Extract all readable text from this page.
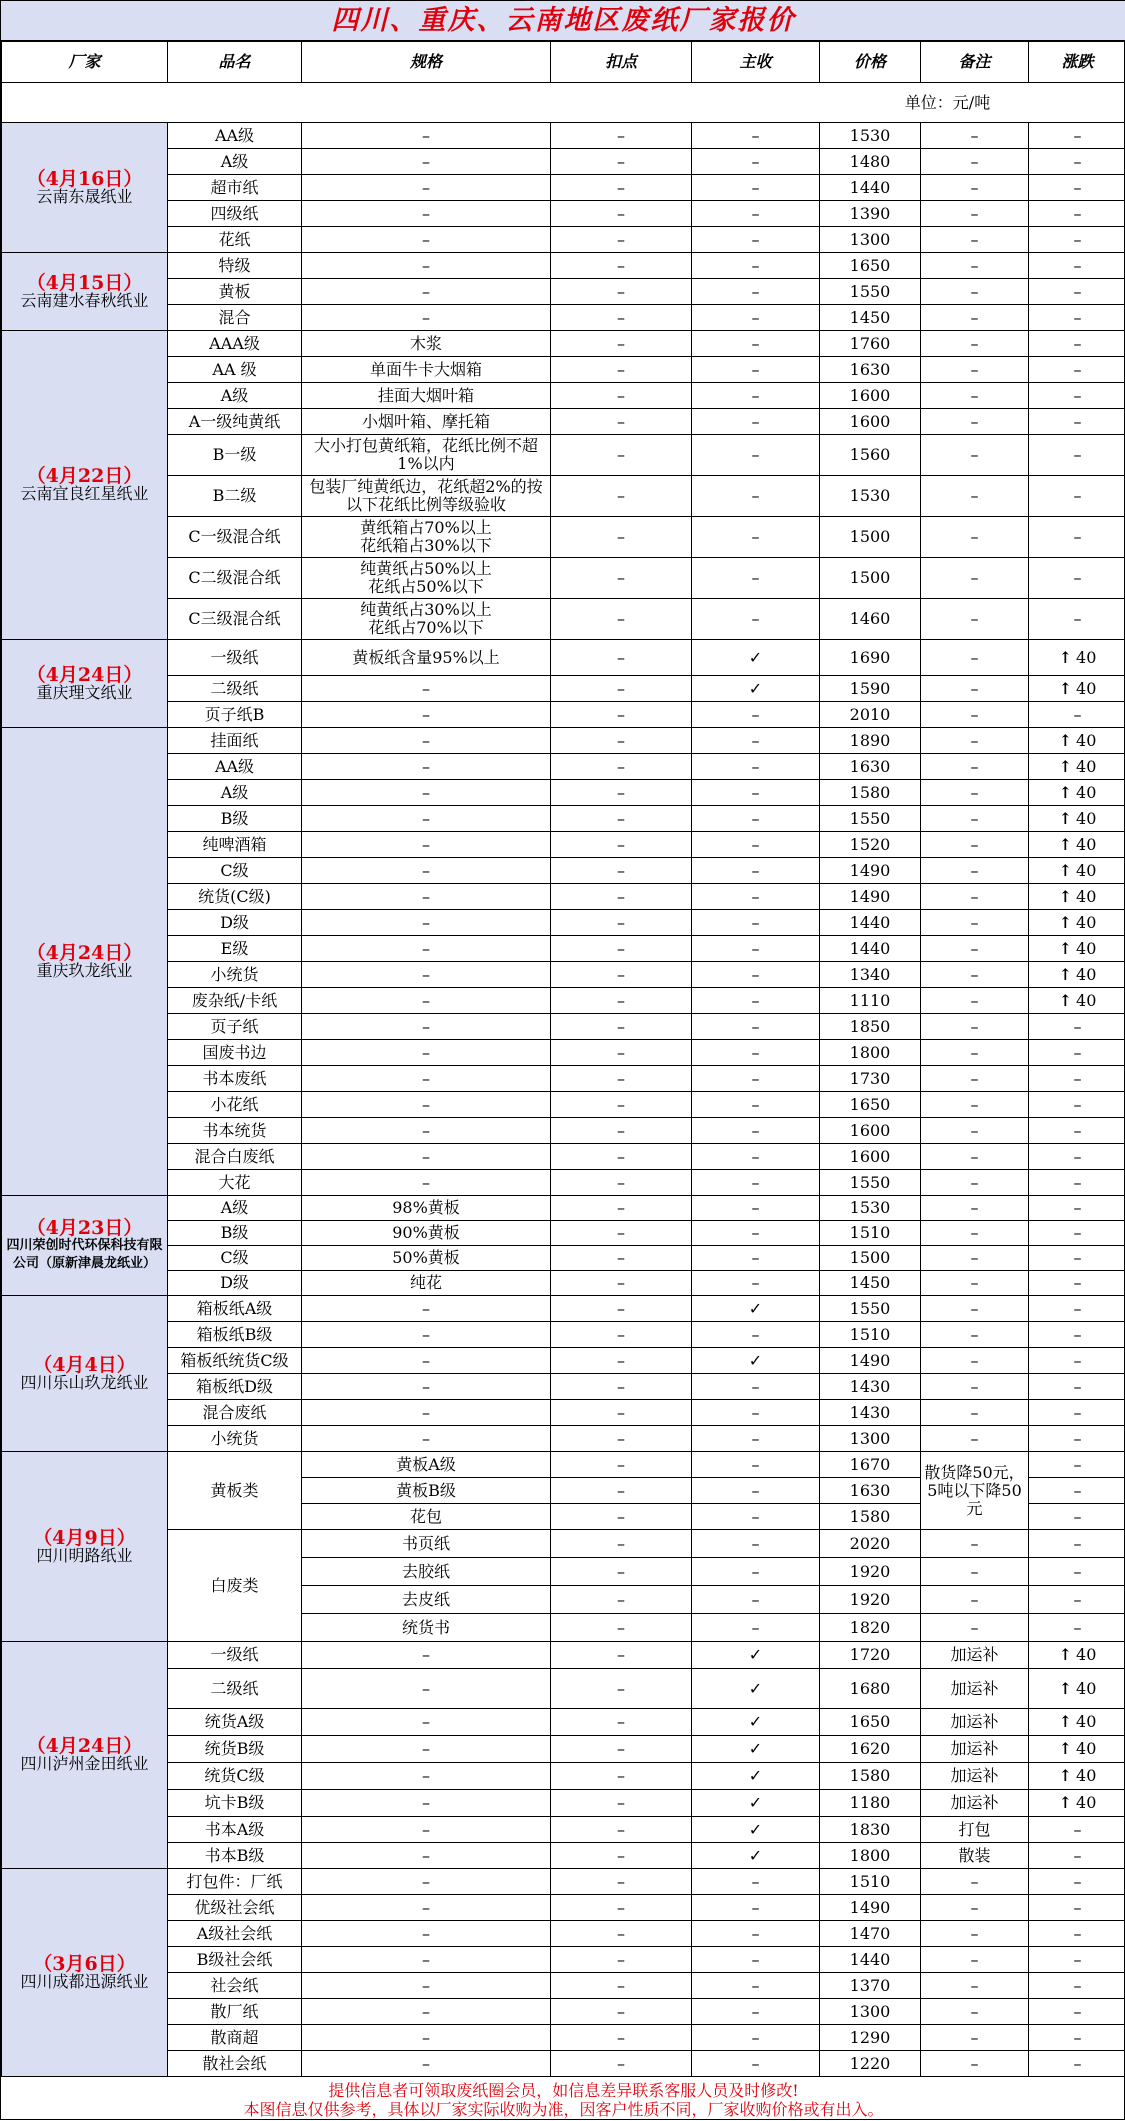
四川、重庆、云南地区废纸厂家报价
厂家	品名	规格	扣点	主收	价格	备注	涨跌
单位：元/吨							

（4月16日）
云南东晟纸业	AA级	–	–	–	1530	–	–
	A级	–	–	–	1480	–	–
	超市纸	–	–	–	1440	–	–
	四级纸	–	–	–	1390	–	–
	花纸	–	–	–	1300	–	–

（4月15日）
云南建水春秋纸业	特级	–	–	–	1650	–	–
	黄板	–	–	–	1550	–	–
	混合	–	–	–	1450	–	–

（4月22日）
云南宜良红星纸业	AAA级	木浆	–	–	1760	–	–
	AA 级	单面牛卡大烟箱	–	–	1630	–	–
	A级	挂面大烟叶箱	–	–	1600	–	–
	A一级纯黄纸	小烟叶箱、摩托箱	–	–	1600	–	–
	B一级	大小打包黄纸箱，花纸比例不超1%以内	–	–	1560	–	–
	B二级	包装厂纯黄纸边，花纸超2%的按以下花纸比例等级验收	–	–	1530	–	–
	C一级混合纸	黄纸箱占70%以上
花纸箱占30%以下	–	–	1500	–	–
	C二级混合纸	纯黄纸占50%以上
花纸占50%以下	–	–	1500	–	–
	C三级混合纸	纯黄纸占30%以上
花纸占70%以下	–	–	1460	–	–

（4月24日）
重庆理文纸业	一级纸	黄板纸含量95%以上	–	✓	1690	–	↑ 40
	二级纸	–	–	✓	1590	–	↑ 40
	页子纸B	–	–	–	2010	–	–

（4月24日）
重庆玖龙纸业	挂面纸	–	–	–	1890	–	↑ 40
	AA级	–	–	–	1630	–	↑ 40
	A级	–	–	–	1580	–	↑ 40
	B级	–	–	–	1550	–	↑ 40
	纯啤酒箱	–	–	–	1520	–	↑ 40
	C级	–	–	–	1490	–	↑ 40
	统货(C级)	–	–	–	1490	–	↑ 40
	D级	–	–	–	1440	–	↑ 40
	E级	–	–	–	1440	–	↑ 40
	小统货	–	–	–	1340	–	↑ 40
	废杂纸/卡纸	–	–	–	1110	–	↑ 40
	页子纸	–	–	–	1850	–	–
	国废书边	–	–	–	1800	–	–
	书本废纸	–	–	–	1730	–	–
	小花纸	–	–	–	1650	–	–
	书本统货	–	–	–	1600	–	–
	混合白废纸	–	–	–	1600	–	–
	大花	–	–	–	1550	–	–

（4月23日）
四川荣创时代环保科技有限公司（原新津晨龙纸业）	A级	98%黄板	–	–	1530	–	–
	B级	90%黄板	–	–	1510	–	–
	C级	50%黄板	–	–	1500	–	–
	D级	纯花	–	–	1450	–	–

（4月4日）
四川乐山玖龙纸业	箱板纸A级	–	–	✓	1550	–	–
	箱板纸B级	–	–	–	1510	–	–
	箱板纸统货C级	–	–	✓	1490	–	–
	箱板纸D级	–	–	–	1430	–	–
	混合废纸	–	–	–	1430	–	–
	小统货	–	–	–	1300	–	–

（4月9日）
四川明路纸业	黄板类	黄板A级	–	–	1670	散货降50元，5吨以下降50元	–
		黄板B级	–	–	1630		–
		花包	–	–	1580		–
	白废类	书页纸	–	–	2020	–	–
		去胶纸	–	–	1920	–	–
		去皮纸	–	–	1920	–	–
		统货书	–	–	1820	–	–

（4月24日）
四川泸州金田纸业	一级纸	–	–	✓	1720	加运补	↑ 40
	二级纸	–	–	✓	1680	加运补	↑ 40
	统货A级	–	–	✓	1650	加运补	↑ 40
	统货B级	–	–	✓	1620	加运补	↑ 40
	统货C级	–	–	✓	1580	加运补	↑ 40
	坑卡B级	–	–	✓	1180	加运补	↑ 40
	书本A级	–	–	✓	1830	打包	–
	书本B级	–	–	✓	1800	散装	–

（3月6日）
四川成都迅源纸业	打包件：厂纸	–	–	–	1510	–	–
	优级社会纸	–	–	–	1490	–	–
	A级社会纸	–	–	–	1470	–	–
	B级社会纸	–	–	–	1440	–	–
	社会纸	–	–	–	1370	–	–
	散厂纸	–	–	–	1300	–	–
	散商超	–	–	–	1290	–	–
	散社会纸	–	–	–	1220	–	–
提供信息者可领取废纸圈会员，如信息差异联系客服人员及时修改!
本图信息仅供参考，具体以厂家实际收购为准，因客户性质不同，厂家收购价格或有出入。
